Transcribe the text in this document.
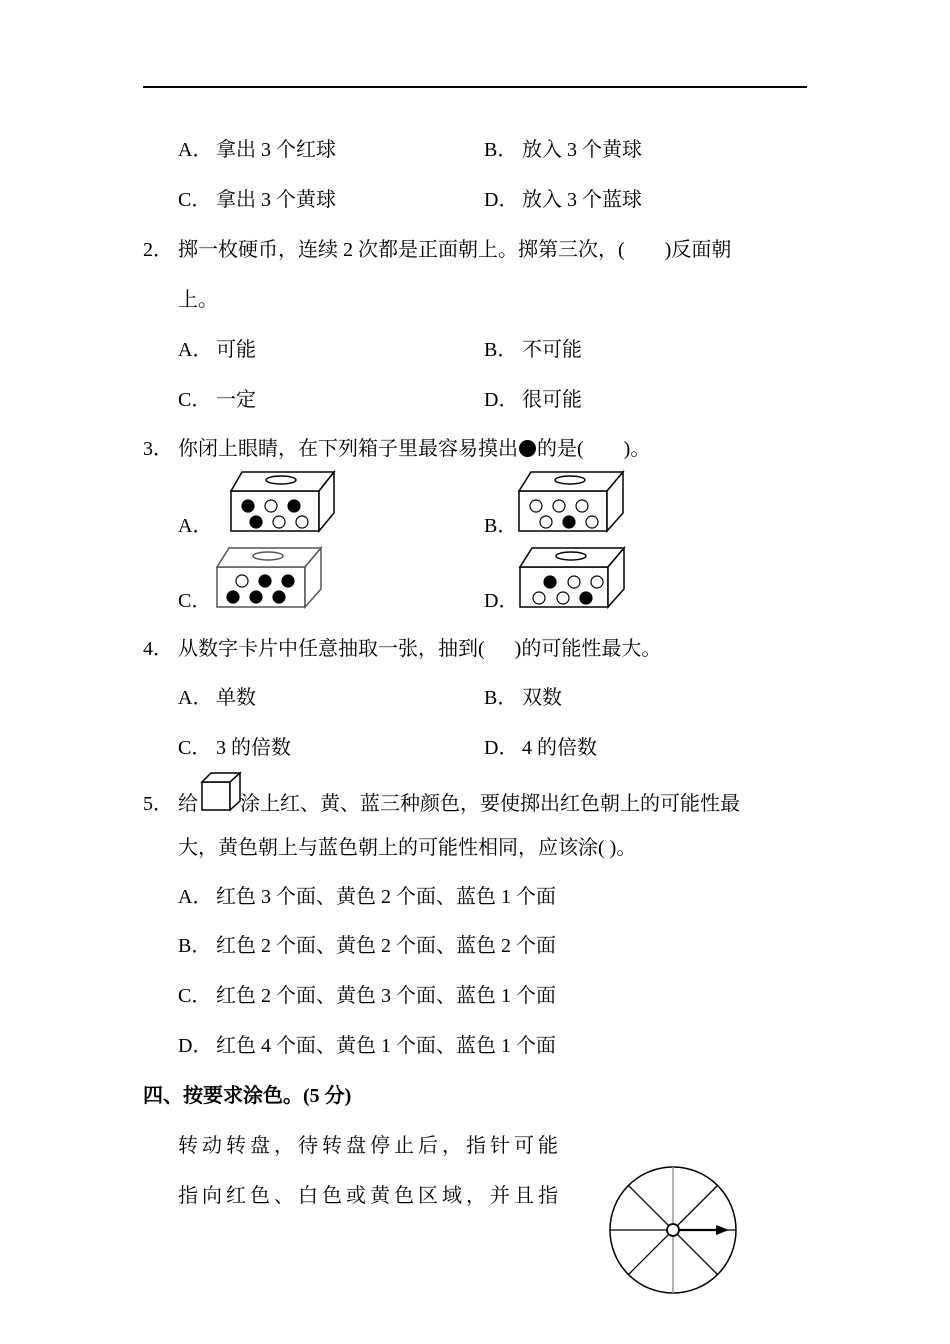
A． 拿出 3 个红球	B． 放入 3 个黄球
C． 拿出 3 个黄球	D． 放入 3 个蓝球
2． 掷一枚硬币，连续 2 次都是正面朝上。掷第三次，(        )反面朝
上。
A． 可能	B． 不可能
C． 一定	D． 很可能
3． 你闭上眼睛，在下列箱子里最容易摸出 的是(        )。
A．	B．
C．	D．
4． 从数字卡片中任意抽取一张，抽到(      )的可能性最大。
A． 单数	B． 双数
C． 3 的倍数	D． 4 的倍数
5． 给 涂上红、黄、蓝三种颜色，要使掷出红色朝上的可能性最
大，黄色朝上与蓝色朝上的可能性相同，应该涂( )。
A． 红色 3 个面、黄色 2 个面、蓝色 1 个面
B． 红色 2 个面、黄色 2 个面、蓝色 2 个面
C． 红色 2 个面、黄色 3 个面、蓝色 1 个面
D． 红色 4 个面、黄色 1 个面、蓝色 1 个面
四、按要求涂色。(5 分)
转动转盘，待转盘停止后，指针可能
指向红色、白色或黄色区域，并且指
